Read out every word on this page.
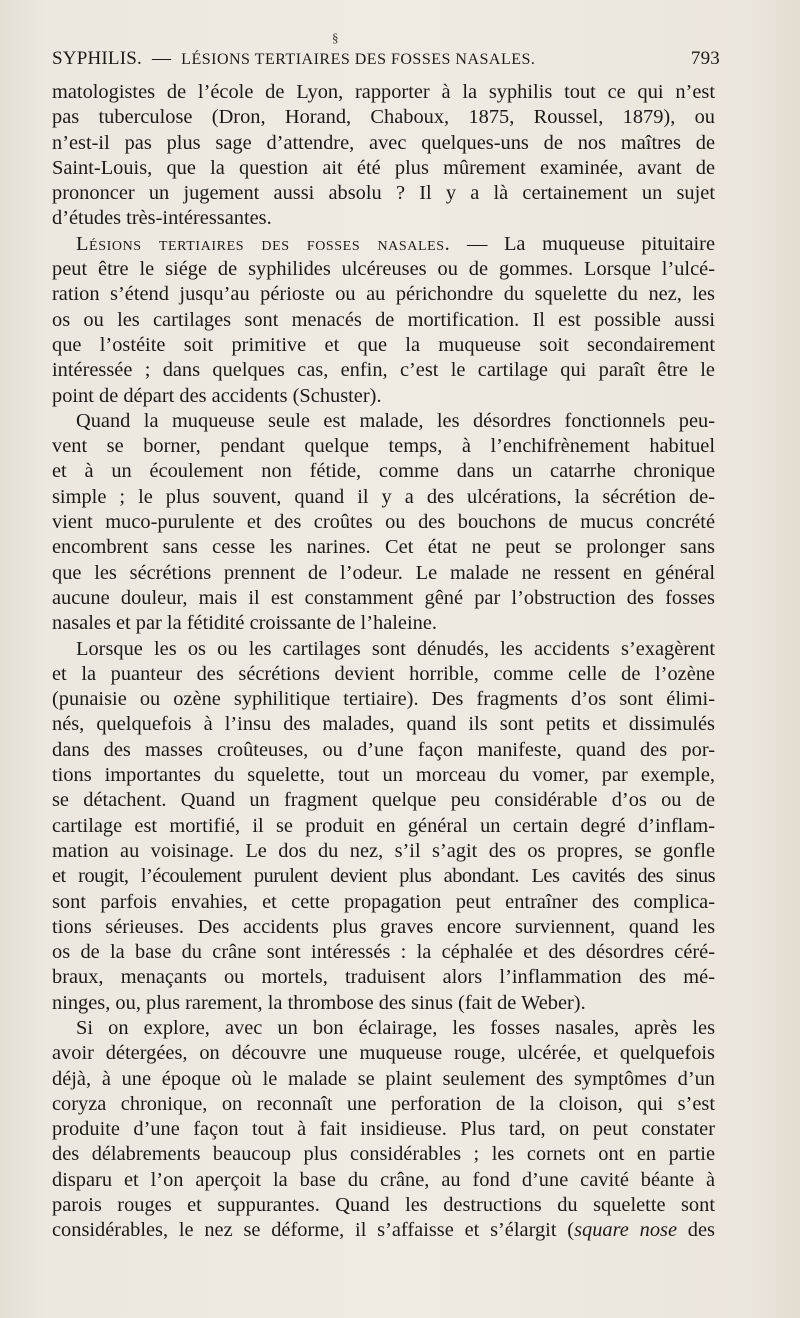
§
SYPHILIS. — LÉSIONS TERTIAIRES DES FOSSES NASALES.	793

matologistes de l’école de Lyon, rapporter à la syphilis tout ce qui n’est
pas tuberculose (Dron, Horand, Chaboux, 1875, Roussel, 1879), ou
n’est-il pas plus sage d’attendre, avec quelques-uns de nos maîtres de
Saint-Louis, que la question ait été plus mûrement examinée, avant de
prononcer un jugement aussi absolu ? Il y a là certainement un sujet
d’études très-intéressantes.

Lésions tertiaires des fosses nasales. — La muqueuse pituitaire
peut être le siége de syphilides ulcéreuses ou de gommes. Lorsque l’ulcé-
ration s’étend jusqu’au périoste ou au périchondre du squelette du nez, les
os ou les cartilages sont menacés de mortification. Il est possible aussi
que l’ostéite soit primitive et que la muqueuse soit secondairement
intéressée ; dans quelques cas, enfin, c’est le cartilage qui paraît être le
point de départ des accidents (Schuster).

Quand la muqueuse seule est malade, les désordres fonctionnels peu-
vent se borner, pendant quelque temps, à l’enchifrènement habituel
et à un écoulement non fétide, comme dans un catarrhe chronique
simple ; le plus souvent, quand il y a des ulcérations, la sécrétion de-
vient muco-purulente et des croûtes ou des bouchons de mucus concrété
encombrent sans cesse les narines. Cet état ne peut se prolonger sans
que les sécrétions prennent de l’odeur. Le malade ne ressent en général
aucune douleur, mais il est constamment gêné par l’obstruction des fosses
nasales et par la fétidité croissante de l’haleine.

Lorsque les os ou les cartilages sont dénudés, les accidents s’exagèrent
et la puanteur des sécrétions devient horrible, comme celle de l’ozène
(punaisie ou ozène syphilitique tertiaire). Des fragments d’os sont élimi-
nés, quelquefois à l’insu des malades, quand ils sont petits et dissimulés
dans des masses croûteuses, ou d’une façon manifeste, quand des por-
tions importantes du squelette, tout un morceau du vomer, par exemple,
se détachent. Quand un fragment quelque peu considérable d’os ou de
cartilage est mortifié, il se produit en général un certain degré d’inflam-
mation au voisinage. Le dos du nez, s’il s’agit des os propres, se gonfle
et rougit, l’écoulement purulent devient plus abondant. Les cavités des sinus
sont parfois envahies, et cette propagation peut entraîner des complica-
tions sérieuses. Des accidents plus graves encore surviennent, quand les
os de la base du crâne sont intéressés : la céphalée et des désordres céré-
braux, menaçants ou mortels, traduisent alors l’inflammation des mé-
ninges, ou, plus rarement, la thrombose des sinus (fait de Weber).

Si on explore, avec un bon éclairage, les fosses nasales, après les
avoir détergées, on découvre une muqueuse rouge, ulcérée, et quelquefois
déjà, à une époque où le malade se plaint seulement des symptômes d’un
coryza chronique, on reconnaît une perforation de la cloison, qui s’est
produite d’une façon tout à fait insidieuse. Plus tard, on peut constater
des délabrements beaucoup plus considérables ; les cornets ont en partie
disparu et l’on aperçoit la base du crâne, au fond d’une cavité béante à
parois rouges et suppurantes. Quand les destructions du squelette sont
considérables, le nez se déforme, il s’affaisse et s’élargit (square nose des
